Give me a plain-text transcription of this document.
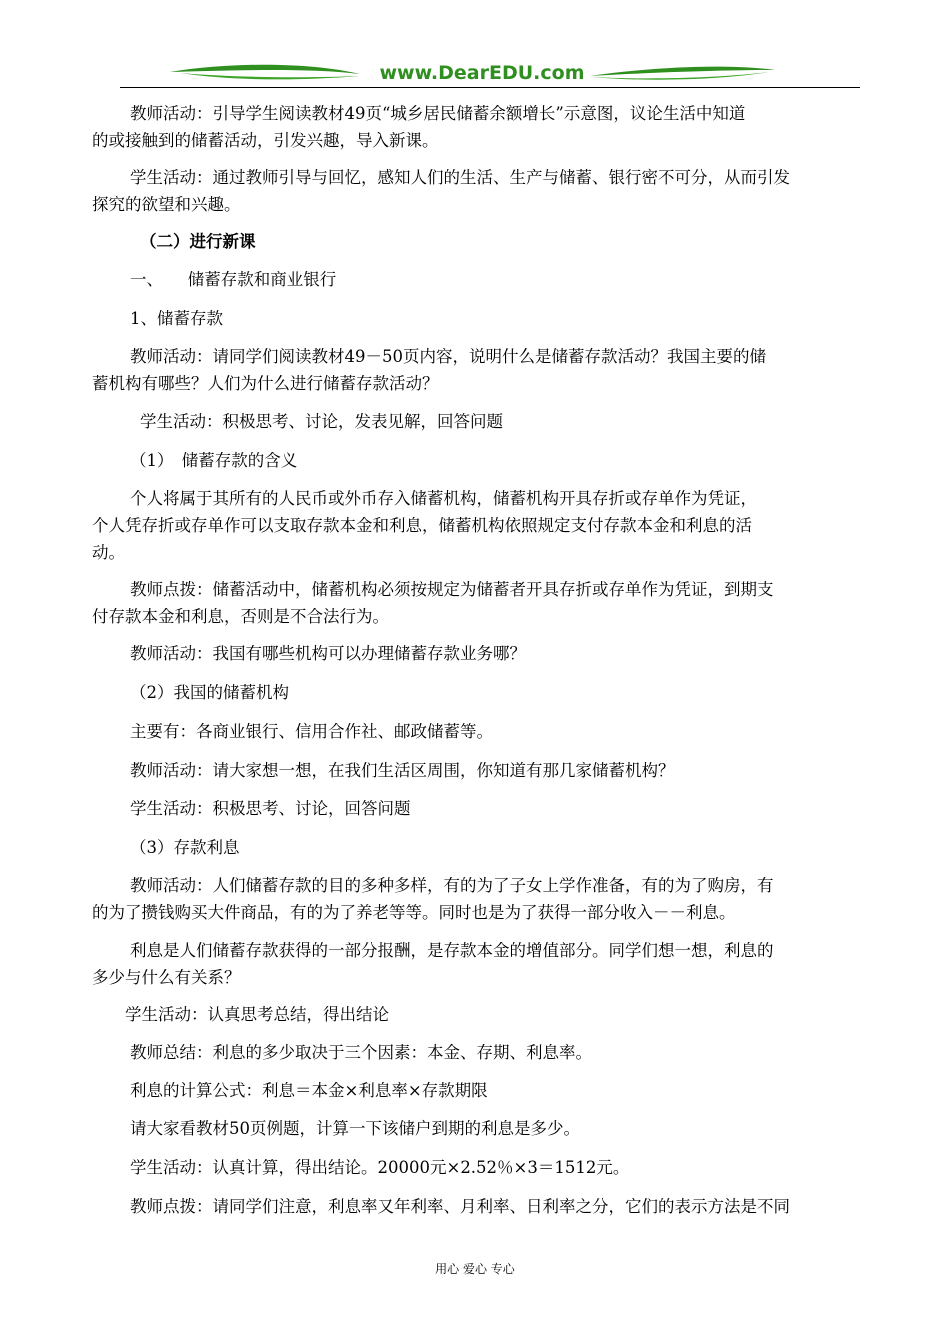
www.DearEDU.com
教师活动：引导学生阅读教材49页“城乡居民储蓄余额增长”示意图，议论生活中知道
的或接触到的储蓄活动，引发兴趣，导入新课。
学生活动：通过教师引导与回忆，感知人们的生活、生产与储蓄、银行密不可分，从而引发
探究的欲望和兴趣。
（二）进行新课
一、　　储蓄存款和商业银行
1、储蓄存款
教师活动：请同学们阅读教材49－50页内容，说明什么是储蓄存款活动？我国主要的储
蓄机构有哪些？人们为什么进行储蓄存款活动？
学生活动：积极思考、讨论，发表见解，回答问题
（1）　储蓄存款的含义
个人将属于其所有的人民币或外币存入储蓄机构，储蓄机构开具存折或存单作为凭证，
个人凭存折或存单作可以支取存款本金和利息，储蓄机构依照规定支付存款本金和利息的活
动。
教师点拨：储蓄活动中，储蓄机构必须按规定为储蓄者开具存折或存单作为凭证，到期支
付存款本金和利息，否则是不合法行为。
教师活动：我国有哪些机构可以办理储蓄存款业务哪？
（2）我国的储蓄机构
主要有：各商业银行、信用合作社、邮政储蓄等。
教师活动：请大家想一想，在我们生活区周围，你知道有那几家储蓄机构？
学生活动：积极思考、讨论，回答问题
（3）存款利息
教师活动：人们储蓄存款的目的多种多样，有的为了子女上学作准备，有的为了购房，有
的为了攒钱购买大件商品，有的为了养老等等。同时也是为了获得一部分收入－－利息。
利息是人们储蓄存款获得的一部分报酬，是存款本金的增值部分。同学们想一想，利息的
多少与什么有关系？
学生活动：认真思考总结，得出结论
教师总结：利息的多少取决于三个因素：本金、存期、利息率。
利息的计算公式：利息＝本金×利息率×存款期限
请大家看教材50页例题，计算一下该储户到期的利息是多少。
学生活动：认真计算，得出结论。20000元×2.52％×3＝1512元。
教师点拨：请同学们注意，利息率又年利率、月利率、日利率之分，它们的表示方法是不同
用心 爱心 专心
